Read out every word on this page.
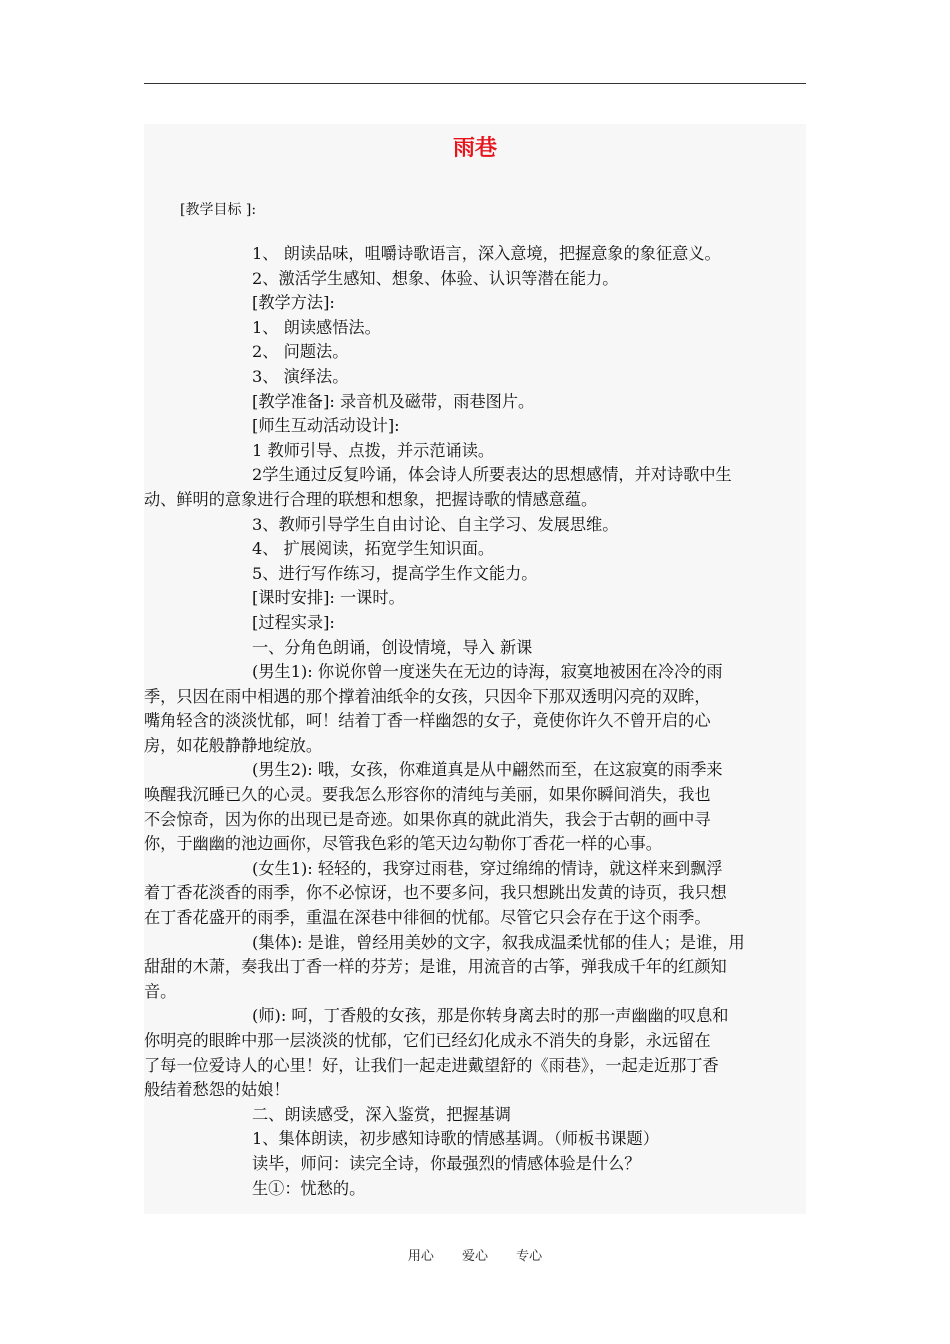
雨巷
[教学目标 ]:

1、 朗读品味，咀嚼诗歌语言，深入意境，把握意象的象征意义。

2、激活学生感知、想象、体验、认识等潜在能力。

[教学方法]:

1、 朗读感悟法。

2、 问题法。

3、 演绎法。

[教学准备]: 录音机及磁带，雨巷图片。

[师生互动活动设计]:

1 教师引导、点拨，并示范诵读。

2学生通过反复吟诵，体会诗人所要表达的思想感情，并对诗歌中生

动、鲜明的意象进行合理的联想和想象，把握诗歌的情感意蕴。

3、教师引导学生自由讨论、自主学习、发展思维。

4、 扩展阅读，拓宽学生知识面。

5、进行写作练习，提高学生作文能力。

[课时安排]: 一课时。

[过程实录]:

一、分角色朗诵，创设情境，导入 新课

(男生1): 你说你曾一度迷失在无边的诗海，寂寞地被困在冷冷的雨

季，只因在雨中相遇的那个撑着油纸伞的女孩，只因伞下那双透明闪亮的双眸，

嘴角轻含的淡淡忧郁，呵！结着丁香一样幽怨的女子，竟使你许久不曾开启的心

房，如花般静静地绽放。

(男生2): 哦，女孩，你难道真是从中翩然而至，在这寂寞的雨季来

唤醒我沉睡已久的心灵。要我怎么形容你的清纯与美丽，如果你瞬间消失，我也

不会惊奇，因为你的出现已是奇迹。如果你真的就此消失，我会于古朝的画中寻

你，于幽幽的池边画你，尽管我色彩的笔天边勾勒你丁香花一样的心事。

(女生1): 轻轻的，我穿过雨巷，穿过绵绵的情诗，就这样来到飘浮

着丁香花淡香的雨季，你不必惊讶，也不要多问，我只想跳出发黄的诗页，我只想

在丁香花盛开的雨季，重温在深巷中徘徊的忧郁。尽管它只会存在于这个雨季。

(集体): 是谁，曾经用美妙的文字，叙我成温柔忧郁的佳人；是谁，用

甜甜的木萧，奏我出丁香一样的芬芳；是谁，用流音的古筝，弹我成千年的红颜知

音。

(师): 呵，丁香般的女孩，那是你转身离去时的那一声幽幽的叹息和

你明亮的眼眸中那一层淡淡的忧郁，它们已经幻化成永不消失的身影，永远留在

了每一位爱诗人的心里！好，让我们一起走进戴望舒的《雨巷》，一起走近那丁香

般结着愁怨的姑娘！

二、朗读感受，深入鉴赏，把握基调

1、集体朗读，初步感知诗歌的情感基调。（师板书课题）

读毕，师问：读完全诗，你最强烈的情感体验是什么？

生①：忧愁的。

用心 爱心 专心
